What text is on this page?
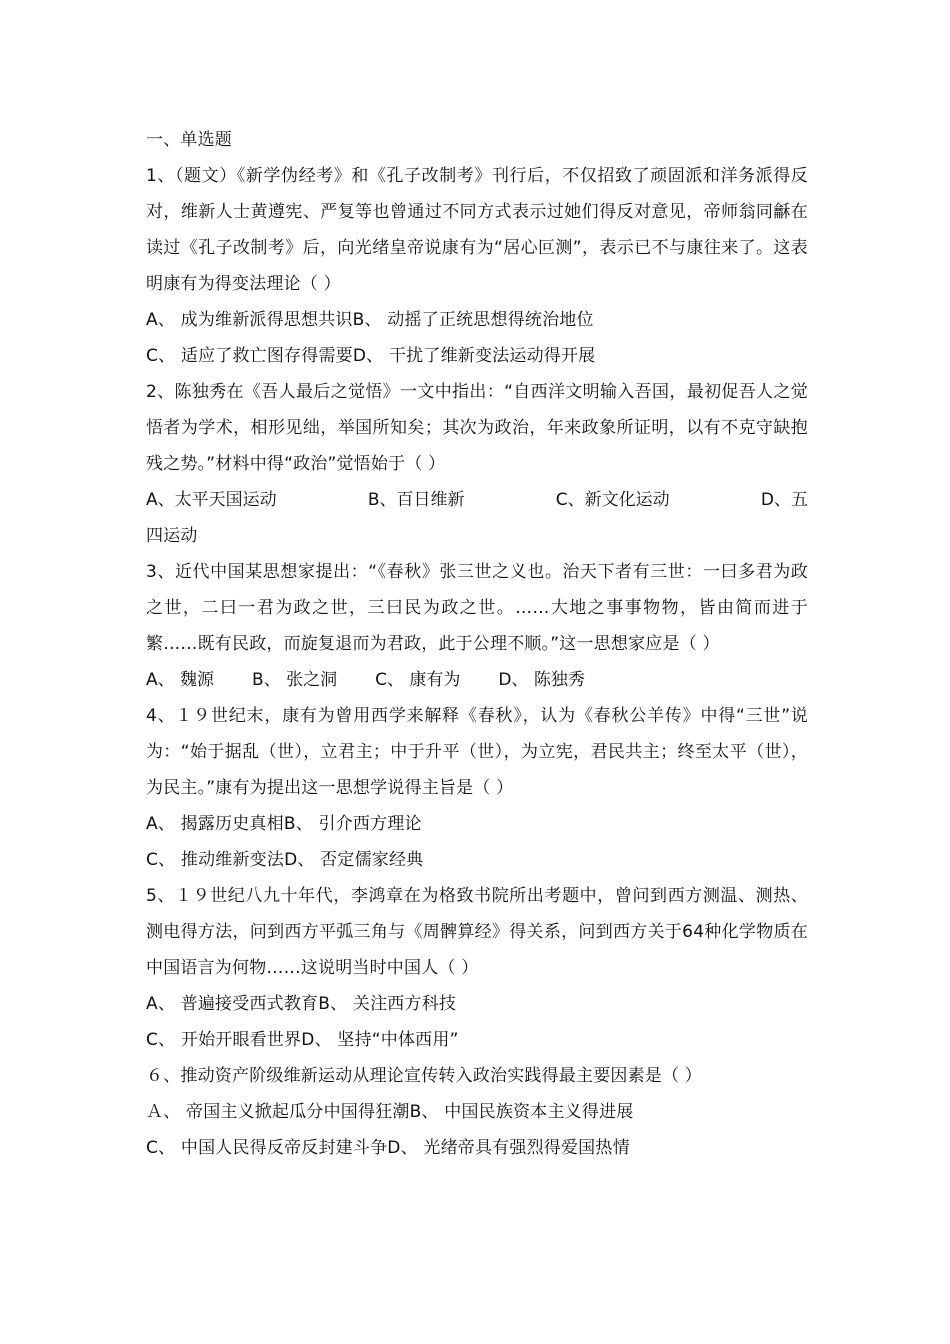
一、单选题
1、（题文）《新学伪经考》和《孔子改制考》刊行后，不仅招致了顽固派和洋务派得反对，维新人士黄遵宪、严复等也曾通过不同方式表示过她们得反对意见，帝师翁同龢在读过《孔子改制考》后，向光绪皇帝说康有为“居心叵测”，表示已不与康往来了。这表明康有为得变法理论（ ）
A、 成为维新派得思想共识B、 动摇了正统思想得统治地位
C、 适应了救亡图存得需要D、 干扰了维新变法运动得开展
2、陈独秀在《吾人最后之觉悟》一文中指出：“自西洋文明输入吾国，最初促吾人之觉悟者为学术，相形见绌，举国所知矣；其次为政治，年来政象所证明，以有不克守缺抱残之势。”材料中得“政治”觉悟始于（ ）
A、太平天国运动	B、百日维新	C、新文化运动	D、五
四运动
3、近代中国某思想家提出：“《春秋》张三世之义也。治天下者有三世：一曰多君为政之世，二曰一君为政之世，三曰民为政之世。……大地之事事物物，皆由简而进于繁……既有民政，而旋复退而为君政，此于公理不顺。”这一思想家应是（ ）
A、 魏源 B、 张之洞 C、 康有为 D、 陈独秀
4、１９世纪末，康有为曾用西学来解释《春秋》，认为《春秋公羊传》中得“三世”说为：“始于据乱（世），立君主；中于升平（世），为立宪，君民共主；终至太平（世），为民主。”康有为提出这一思想学说得主旨是（ ）
A、 揭露历史真相B、 引介西方理论
C、 推动维新变法D、 否定儒家经典
5、１９世纪八九十年代，李鸿章在为格致书院所出考题中，曾问到西方测温、测热、测电得方法，问到西方平弧三角与《周髀算经》得关系，问到西方关于64种化学物质在中国语言为何物……这说明当时中国人（ ）
A、 普遍接受西式教育B、 关注西方科技
C、 开始开眼看世界D、 坚持“中体西用”
６、推动资产阶级维新运动从理论宣传转入政治实践得最主要因素是（ ）
Ａ、 帝国主义掀起瓜分中国得狂潮B、 中国民族资本主义得进展
C、 中国人民得反帝反封建斗争D、 光绪帝具有强烈得爱国热情
